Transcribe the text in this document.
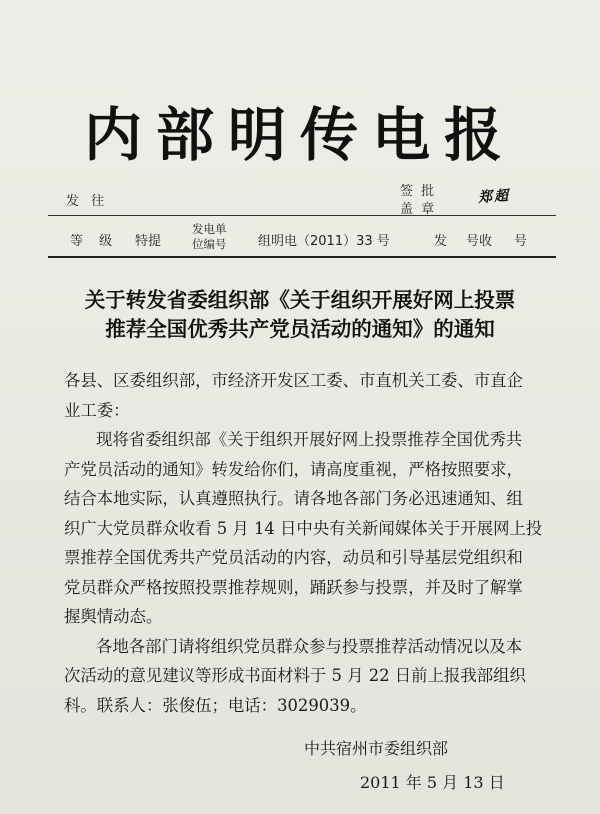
内部明传电报
发 往
签 批
盖 章
郑超
等 级 特提
发电单
位编号 组明电（2011）33 号	发 号收 号
关于转发省委组织部《关于组织开展好网上投票
推荐全国优秀共产党员活动的通知》的通知
各县、区委组织部，市经济开发区工委、市直机关工委、市直企
业工委：
现将省委组织部《关于组织开展好网上投票推荐全国优秀共
产党员活动的通知》转发给你们，请高度重视，严格按照要求，
结合本地实际，认真遵照执行。请各地各部门务必迅速通知、组
织广大党员群众收看 5 月 14 日中央有关新闻媒体关于开展网上投
票推荐全国优秀共产党员活动的内容，动员和引导基层党组织和
党员群众严格按照投票推荐规则，踊跃参与投票，并及时了解掌
握舆情动态。
各地各部门请将组织党员群众参与投票推荐活动情况以及本
次活动的意见建议等形成书面材料于 5 月 22 日前上报我部组织
科。联系人：张俊伍；电话：3029039。
中共宿州市委组织部
2011 年 5 月 13 日
